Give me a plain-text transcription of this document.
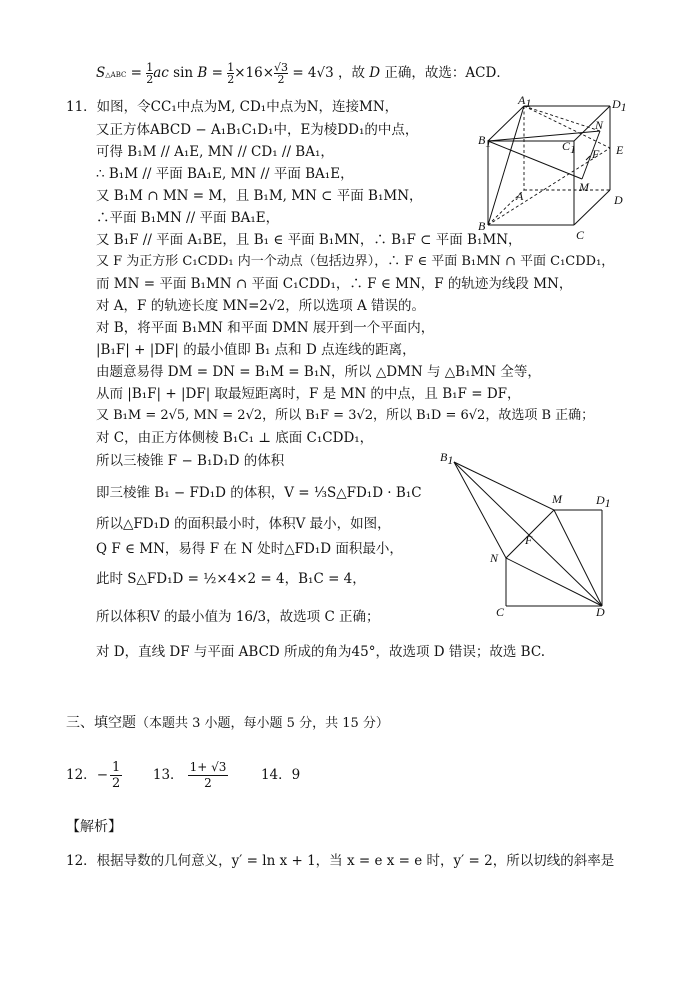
S△ABC = $\frac{1}{2}$ ac $\sin B = \frac{1}{2} \times 16\times \frac{√3}{2} = 4√3$ ，故 D 正确，故选：ACD．
11．如图，令CC₁中点为M, CD₁中点为N，连接MN，
又正方体ABCD − A₁B₁C₁D₁中，E为棱DD₁的中点，
可得 B₁M // A₁E, MN // CD₁ // BA₁，
∴ B₁M // 平面 BA₁E, MN // 平面 BA₁E，
又 B₁M ∩ MN = M，且 B₁M, MN ⊂ 平面 B₁MN，
∴平面 B₁MN // 平面 BA₁E，
又 B₁F // 平面 A₁BE，且 B₁ ∈ 平面 B₁MN，∴ B₁F ⊂ 平面 B₁MN，
又 F 为正方形 C₁CDD₁ 内一个动点（包括边界），∴ F ∈ 平面 B₁MN ∩ 平面 C₁CDD₁，
而 MN = 平面 B₁MN ∩ 平面 C₁CDD₁，∴ F ∈ MN，F 的轨迹为线段 MN，
对 A，F 的轨迹长度 MN=2√2，所以选项 A 错误的。
对 B，将平面 B₁MN 和平面 DMN 展开到一个平面内，
|B₁F| + |DF| 的最小值即 B₁ 点和 D 点连线的距离，
由题意易得 DM = DN = B₁M = B₁N，所以 △DMN 与 △B₁MN 全等，
从而 |B₁F| + |DF| 取最短距离时，F 是 MN 的中点，且 B₁F = DF，
又 B₁M = 2√5, MN = 2√2，所以 B₁F = 3√2，所以 B₁D = 6√2，故选项 B 正确；
对 C，由正方体侧棱 B₁C₁ ⊥ 底面 C₁CDD₁，
所以三棱锥 F − B₁D₁D 的体积
即三棱锥 B₁ − FD₁D 的体积，V = ⅓S△FD₁D · B₁C
所以△FD₁D 的面积最小时，体积V 最小，如图，
Q F ∈ MN，易得 F 在 N 处时△FD₁D 面积最小，
此时 S△FD₁D = ½×4×2 = 4，B₁C = 4，
所以体积V 的最小值为 16/3，故选项 C 正确；
对 D，直线 DF 与平面 ABCD 所成的角为45°，故选项 D 错误；故选 BC.
三、填空题（本题共 3 小题，每小题 5 分，共 15 分）
12．− $\frac{1}{2} 13$． $\frac{1+ √3}{2} 14$．9
【解析】
12．根据导数的几何意义，y′ = ln x + 1，当 x = e x = e 时，y′ = 2，所以切线的斜率是
A1	D1
B1
N
C1 F E
M
A
B
D
C
B1
M	D1
F
N
C	D
